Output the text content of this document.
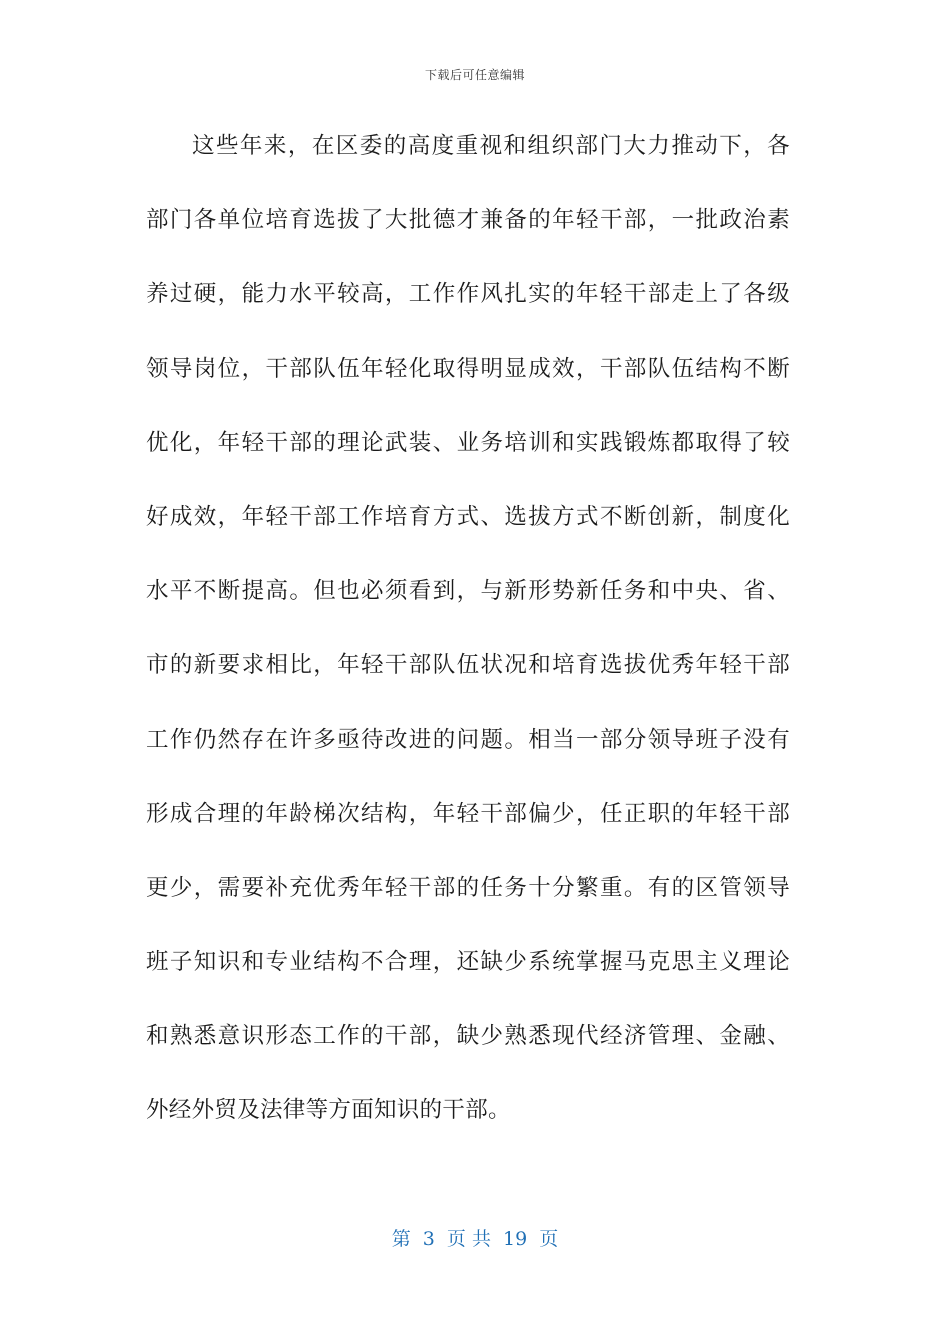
下载后可任意编辑
这些年来，在区委的高度重视和组织部门大力推动下，各
部门各单位培育选拔了大批德才兼备的年轻干部，一批政治素
养过硬，能力水平较高，工作作风扎实的年轻干部走上了各级
领导岗位，干部队伍年轻化取得明显成效，干部队伍结构不断
优化，年轻干部的理论武装、业务培训和实践锻炼都取得了较
好成效，年轻干部工作培育方式、选拔方式不断创新，制度化
水平不断提高。但也必须看到，与新形势新任务和中央、省、
市的新要求相比，年轻干部队伍状况和培育选拔优秀年轻干部
工作仍然存在许多亟待改进的问题。相当一部分领导班子没有
形成合理的年龄梯次结构，年轻干部偏少，任正职的年轻干部
更少，需要补充优秀年轻干部的任务十分繁重。有的区管领导
班子知识和专业结构不合理，还缺少系统掌握马克思主义理论
和熟悉意识形态工作的干部，缺少熟悉现代经济管理、金融、
外经外贸及法律等方面知识的干部。
第  3  页 共  19  页
